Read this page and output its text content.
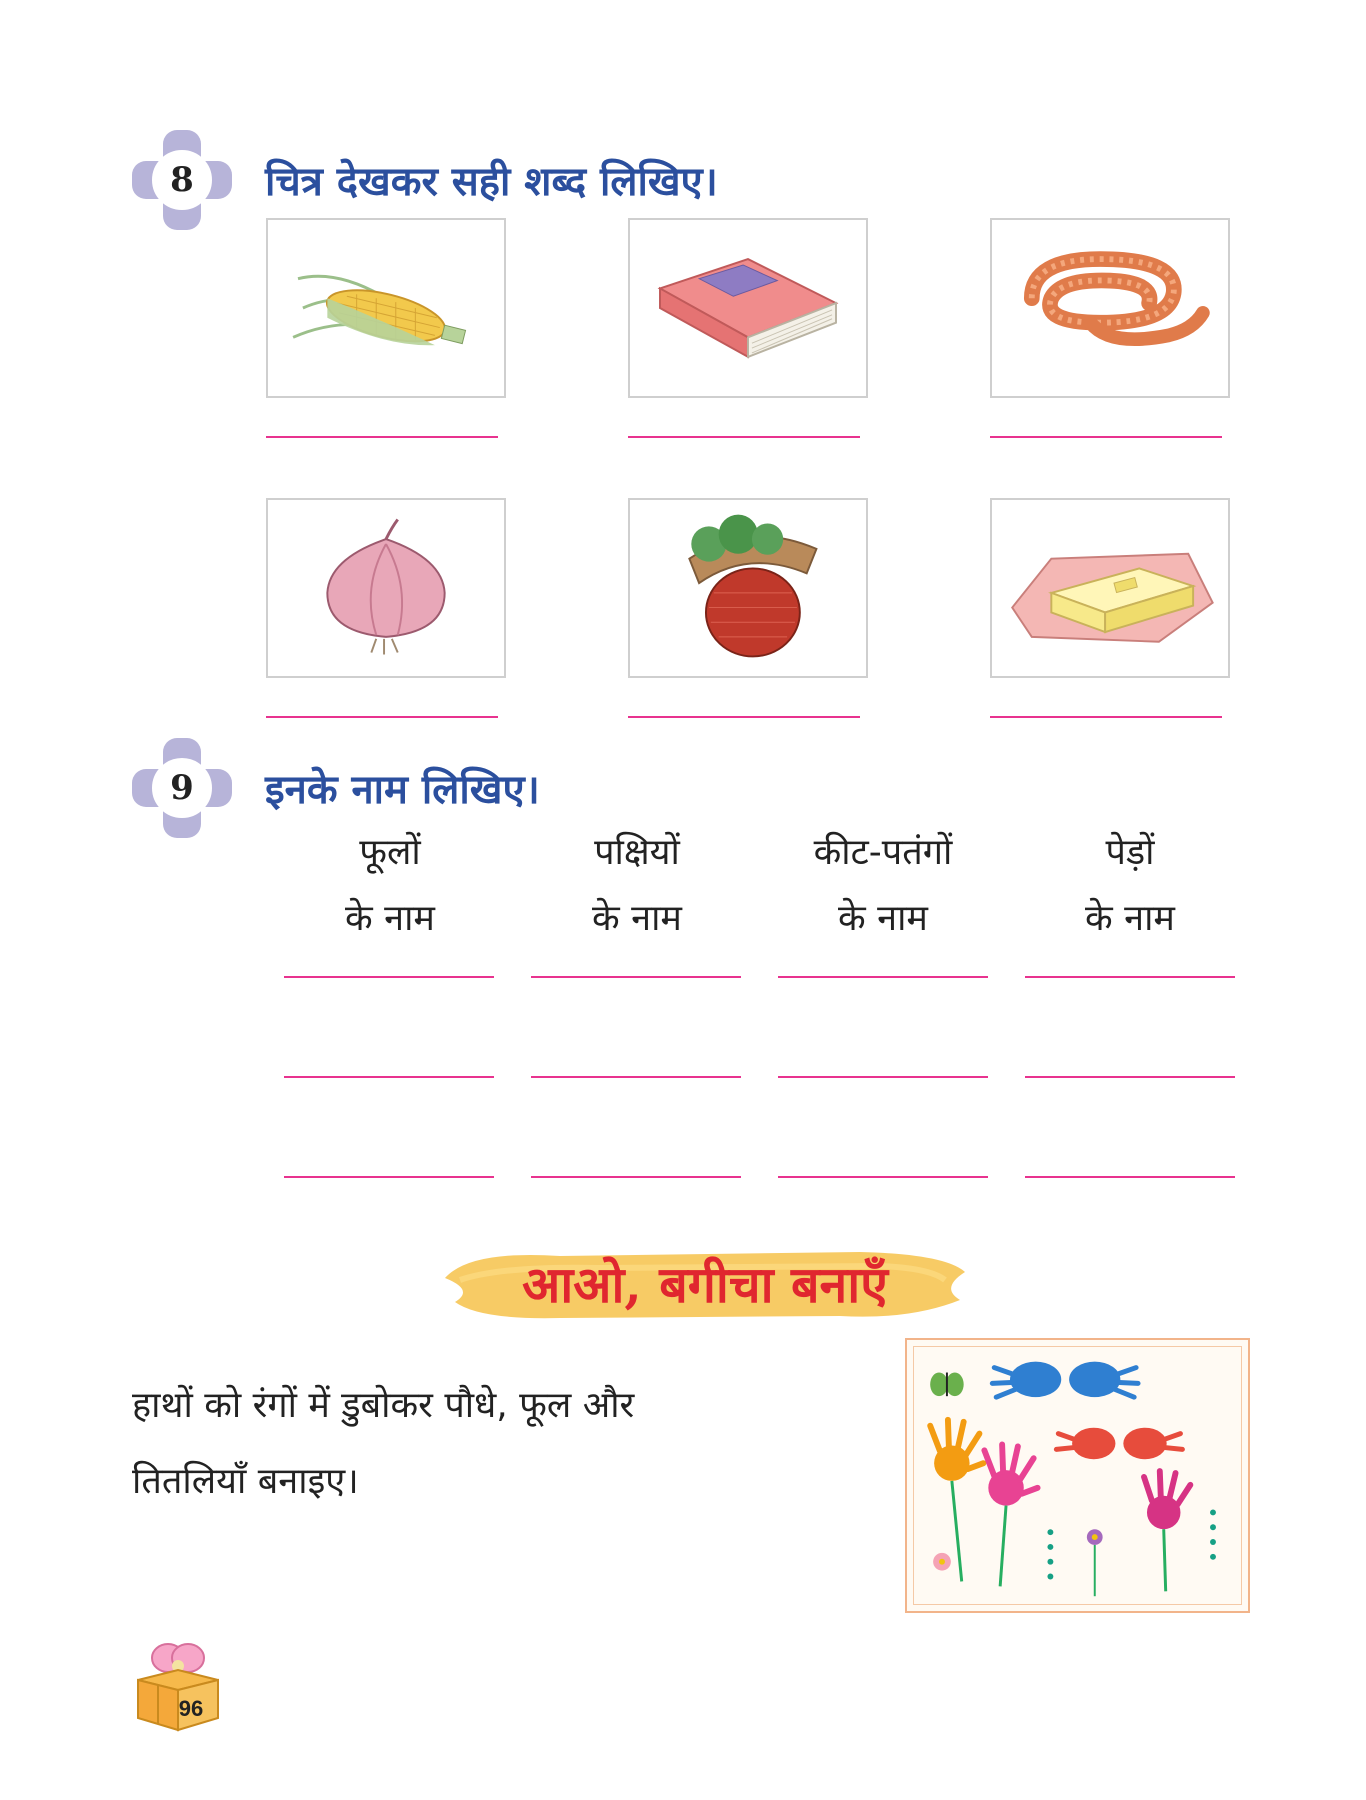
8	चित्र देखकर सही शब्द लिखिए।
9	इनके नाम लिखिए।
फूलों
के नाम
पक्षियों
के नाम
कीट-पतंगों
के नाम
पेड़ों
के नाम
आओ, बगीचा बनाएँ
हाथों को रंगों में डुबोकर पौधे, फूल और
तितलियाँ बनाइए।
96
